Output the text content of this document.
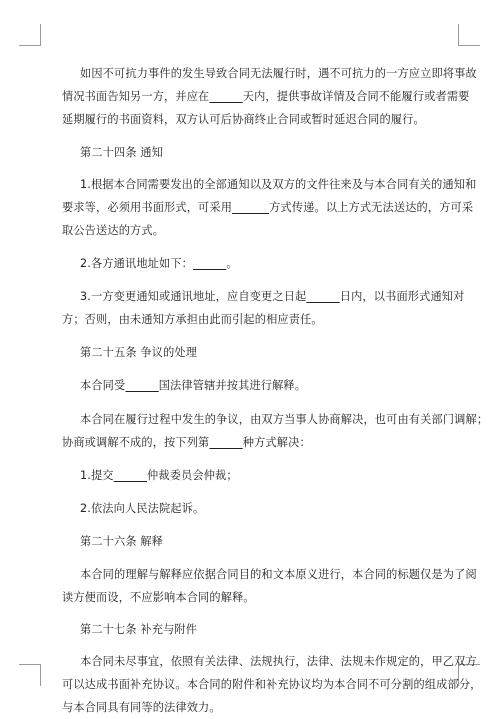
如因不可抗力事件的发生导致合同无法履行时，遇不可抗力的一方应立即将事故

情况书面告知另一方，并应在	天内，提供事故详情及合同不能履行或者需要

延期履行的书面资料，双方认可后协商终止合同或暂时延迟合同的履行。

第二十四条 通知

1.根据本合同需要发出的全部通知以及双方的文件往来及与本合同有关的通知和

要求等，必须用书面形式，可采用	方式传递。以上方式无法送达的，方可采

取公告送达的方式。

2.各方通讯地址如下：	。

3.一方变更通知或通讯地址，应自变更之日起	日内，以书面形式通知对

方；否则，由未通知方承担由此而引起的相应责任。

第二十五条 争议的处理

本合同受	国法律管辖并按其进行解释。

本合同在履行过程中发生的争议，由双方当事人协商解决，也可由有关部门调解；

协商或调解不成的，按下列第	种方式解决：

1.提交	仲裁委员会仲裁；

2.依法向人民法院起诉。

第二十六条 解释

本合同的理解与解释应依据合同目的和文本原义进行，本合同的标题仅是为了阅

读方便而设，不应影响本合同的解释。

第二十七条 补充与附件

本合同未尽事宜，依照有关法律、法规执行，法律、法规未作规定的，甲乙双方

可以达成书面补充协议。本合同的附件和补充协议均为本合同不可分割的组成部分，

与本合同具有同等的法律效力。
